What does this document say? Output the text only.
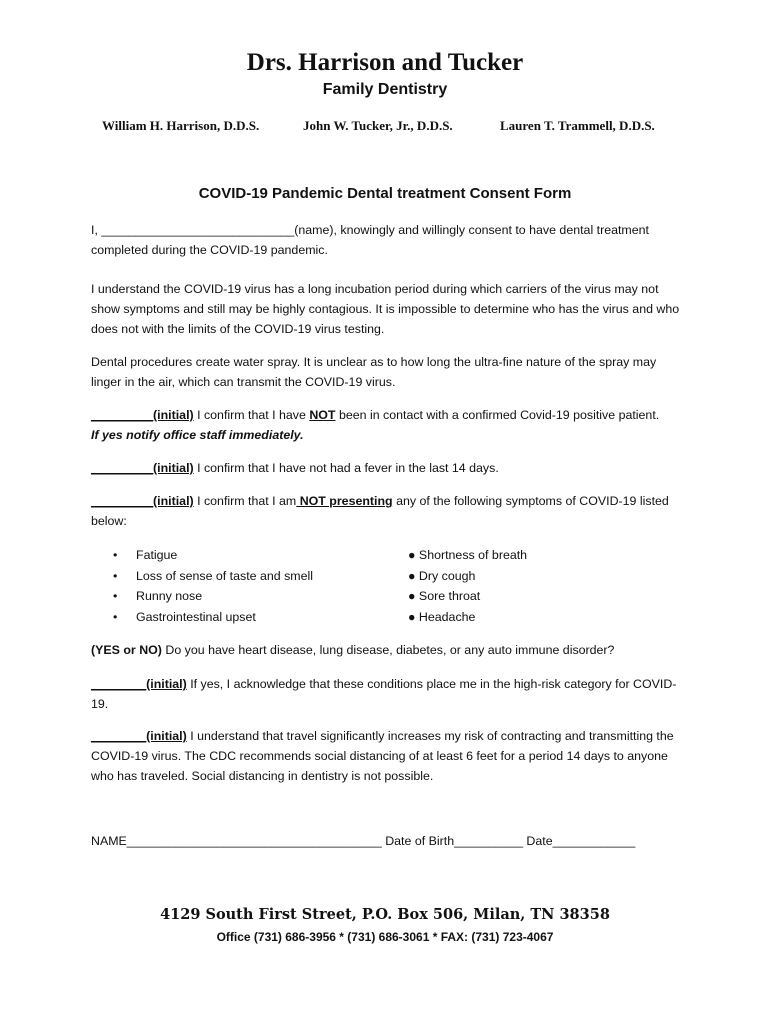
Drs. Harrison and Tucker
Family Dentistry
William H. Harrison, D.D.S.	John W. Tucker, Jr., D.D.S.	Lauren T. Trammell, D.D.S.
COVID-19 Pandemic Dental treatment Consent Form
I, ____________________________(name), knowingly and willingly consent to have dental treatment
completed during the COVID-19 pandemic.
I understand the COVID-19 virus has a long incubation period during which carriers of the virus may not show symptoms and still may be highly contagious. It is impossible to determine who has the virus and who does not with the limits of the COVID-19 virus testing.
Dental procedures create water spray. It is unclear as to how long the ultra-fine nature of the spray may linger in the air, which can transmit the COVID-19 virus.
_________(initial) I confirm that I have NOT been in contact with a confirmed Covid-19 positive patient.
If yes notify office staff immediately.
_________(initial) I confirm that I have not had a fever in the last 14 days.
_________(initial) I confirm that I am NOT presenting any of the following symptoms of COVID-19 listed below:
• Fatigue
• Loss of sense of taste and smell
• Runny nose
• Gastrointestinal upset
● Shortness of breath
● Dry cough
● Sore throat
● Headache
(YES or NO) Do you have heart disease, lung disease, diabetes, or any auto immune disorder?
________(initial) If yes, I acknowledge that these conditions place me in the high-risk category for COVID-19.
________(initial) I understand that travel significantly increases my risk of contracting and transmitting the COVID-19 virus. The CDC recommends social distancing of at least 6 feet for a period 14 days to anyone who has traveled. Social distancing in dentistry is not possible.
NAME_____________________________________ Date of Birth__________ Date____________
4129 South First Street, P.O. Box 506, Milan, TN 38358
Office (731) 686-3956 * (731) 686-3061 * FAX: (731) 723-4067
